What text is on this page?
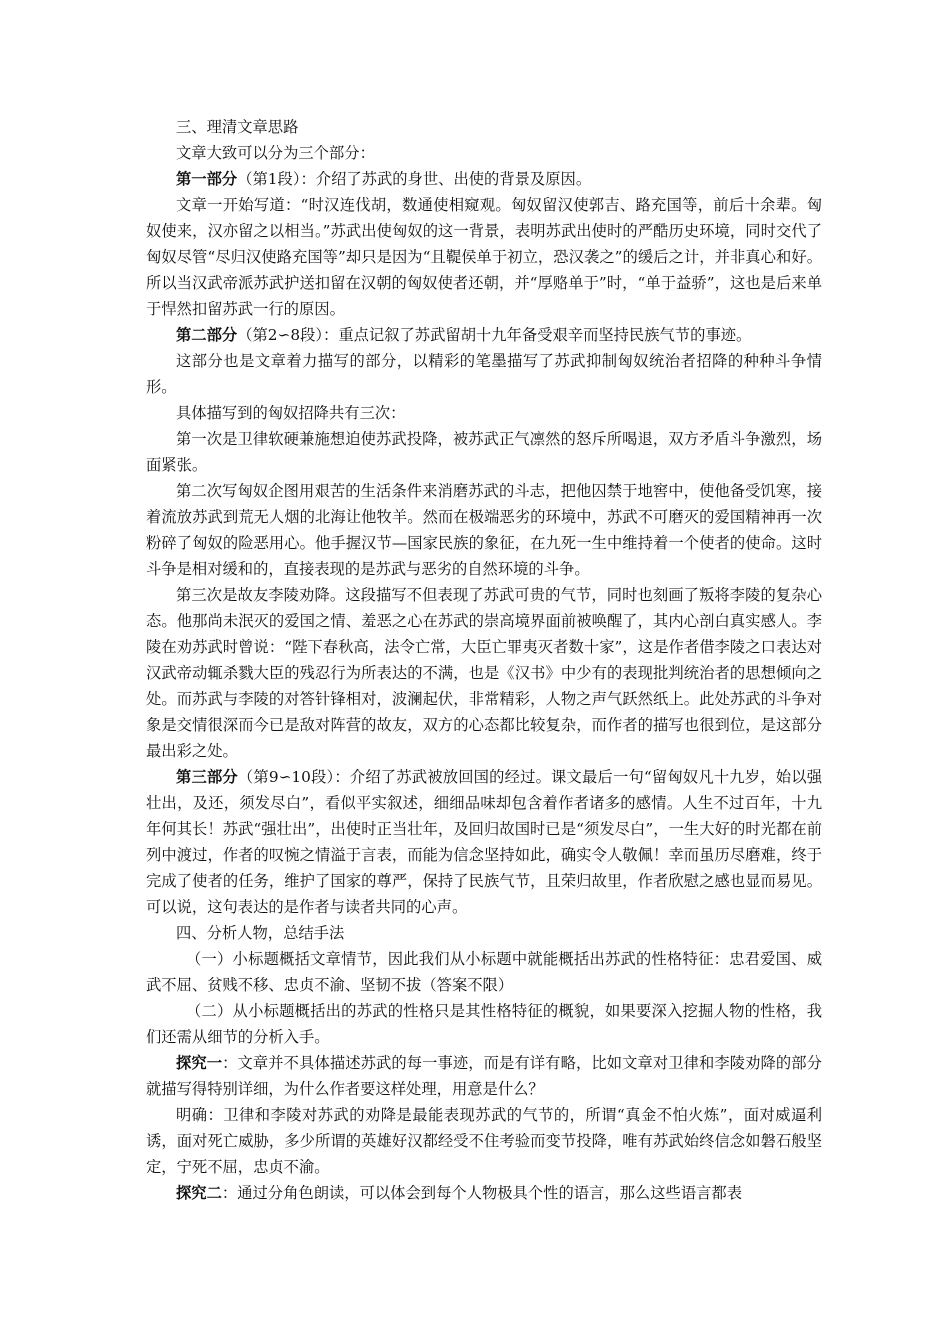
三、理清文章思路

文章大致可以分为三个部分：

第一部分（第1段）：介绍了苏武的身世、出使的背景及原因。

文章一开始写道：“时汉连伐胡，数通使相窥观。匈奴留汉使郭吉、路充国等，前后十余辈。匈奴使来，汉亦留之以相当。”苏武出使匈奴的这一背景，表明苏武出使时的严酷历史环境，同时交代了匈奴尽管“尽归汉使路充国等”却只是因为“且鞮侯单于初立，恐汉袭之”的缓后之计，并非真心和好。所以当汉武帝派苏武护送扣留在汉朝的匈奴使者还朝，并“厚赂单于”时，“单于益骄”，这也是后来单于悍然扣留苏武一行的原因。

第二部分（第2∽8段）：重点记叙了苏武留胡十九年备受艰辛而坚持民族气节的事迹。

这部分也是文章着力描写的部分，以精彩的笔墨描写了苏武抑制匈奴统治者招降的种种斗争情形。

具体描写到的匈奴招降共有三次：

第一次是卫律软硬兼施想迫使苏武投降，被苏武正气凛然的怒斥所喝退，双方矛盾斗争激烈，场面紧张。

第二次写匈奴企图用艰苦的生活条件来消磨苏武的斗志，把他囚禁于地窖中，使他备受饥寒，接着流放苏武到荒无人烟的北海让他牧羊。然而在极端恶劣的环境中，苏武不可磨灭的爱国精神再一次粉碎了匈奴的险恶用心。他手握汉节—国家民族的象征，在九死一生中维持着一个使者的使命。这时斗争是相对缓和的，直接表现的是苏武与恶劣的自然环境的斗争。

第三次是故友李陵劝降。这段描写不但表现了苏武可贵的气节，同时也刻画了叛将李陵的复杂心态。他那尚未泯灭的爱国之情、羞恶之心在苏武的崇高境界面前被唤醒了，其内心剖白真实感人。李陵在劝苏武时曾说：“陛下春秋高，法令亡常，大臣亡罪夷灭者数十家”，这是作者借李陵之口表达对汉武帝动辄杀戮大臣的残忍行为所表达的不满，也是《汉书》中少有的表现批判统治者的思想倾向之处。而苏武与李陵的对答针锋相对，波澜起伏，非常精彩，人物之声气跃然纸上。此处苏武的斗争对象是交情很深而今已是敌对阵营的故友，双方的心态都比较复杂，而作者的描写也很到位，是这部分最出彩之处。

第三部分（第9∽10段）：介绍了苏武被放回国的经过。课文最后一句“留匈奴凡十九岁，始以强壮出，及还，须发尽白”，看似平实叙述，细细品味却包含着作者诸多的感情。人生不过百年，十九年何其长！苏武“强壮出”，出使时正当壮年，及回归故国时已是“须发尽白”，一生大好的时光都在前列中渡过，作者的叹惋之情溢于言表，而能为信念坚持如此，确实令人敬佩！幸而虽历尽磨难，终于完成了使者的任务，维护了国家的尊严，保持了民族气节，且荣归故里，作者欣慰之感也显而易见。可以说，这句表达的是作者与读者共同的心声。

四、分析人物，总结手法

（一）小标题概括文章情节，因此我们从小标题中就能概括出苏武的性格特征：忠君爱国、威武不屈、贫贱不移、忠贞不渝、坚韧不拔（答案不限）

（二）从小标题概括出的苏武的性格只是其性格特征的概貌，如果要深入挖掘人物的性格，我们还需从细节的分析入手。

探究一：文章并不具体描述苏武的每一事迹，而是有详有略，比如文章对卫律和李陵劝降的部分就描写得特别详细，为什么作者要这样处理，用意是什么？

明确：卫律和李陵对苏武的劝降是最能表现苏武的气节的，所谓“真金不怕火炼”，面对威逼利诱，面对死亡威胁，多少所谓的英雄好汉都经受不住考验而变节投降，唯有苏武始终信念如磐石般坚定，宁死不屈，忠贞不渝。

探究二：通过分角色朗读，可以体会到每个人物极具个性的语言，那么这些语言都表
